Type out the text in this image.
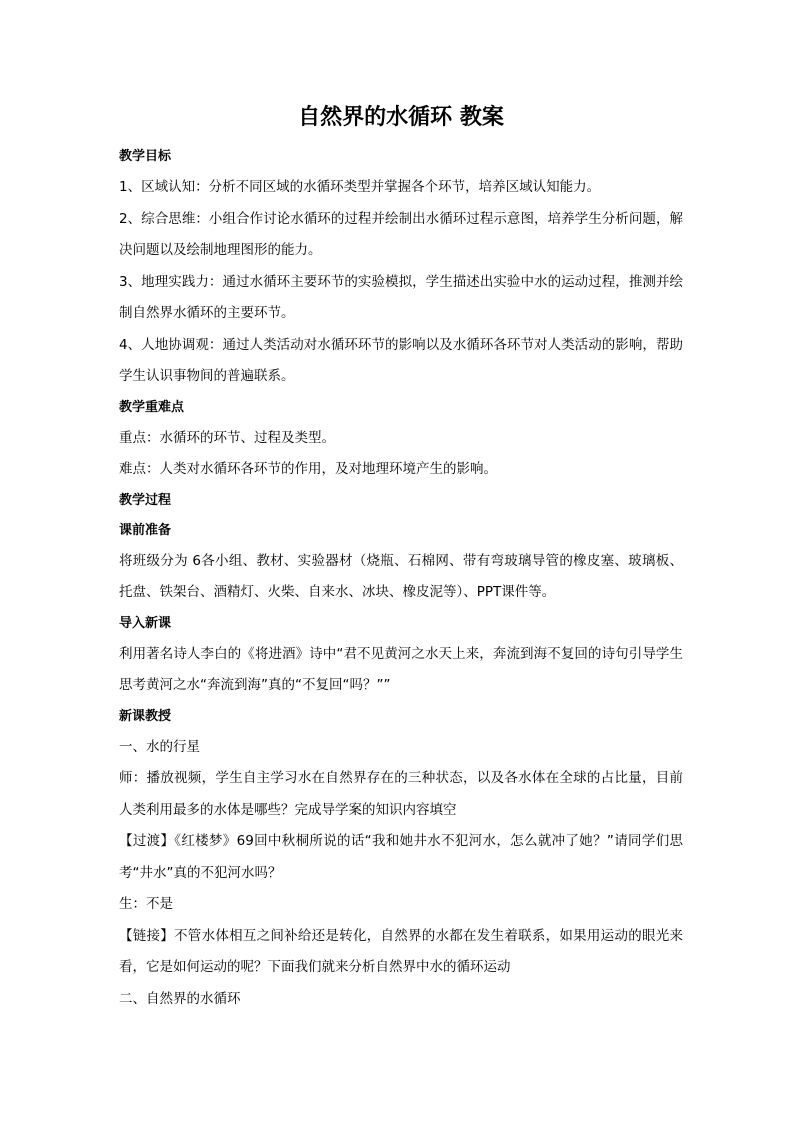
自然界的水循环 教案
教学目标

1、区域认知：分析不同区域的水循环类型并掌握各个环节，培养区域认知能力。

2、综合思维：小组合作讨论水循环的过程并绘制出水循环过程示意图，培养学生分析问题，解决问题以及绘制地理图形的能力。

3、地理实践力：通过水循环主要环节的实验模拟，学生描述出实验中水的运动过程，推测并绘制自然界水循环的主要环节。

4、人地协调观：通过人类活动对水循环环节的影响以及水循环各环节对人类活动的影响，帮助学生认识事物间的普遍联系。

教学重难点

重点：水循环的环节、过程及类型。

难点：人类对水循环各环节的作用，及对地理环境产生的影响。

教学过程
课前准备

将班级分为 6各小组、教材、实验器材（烧瓶、石棉网、带有弯玻璃导管的橡皮塞、玻璃板、托盘、铁架台、酒精灯、火柴、自来水、冰块、橡皮泥等）、PPT课件等。

导入新课

利用著名诗人李白的《将进酒》诗中“君不见黄河之水天上来，奔流到海不复回的诗句引导学生思考黄河之水“奔流到海”真的“不复回“吗？””

新课教授

一、水的行星

师：播放视频，学生自主学习水在自然界存在的三种状态，以及各水体在全球的占比量，目前人类利用最多的水体是哪些？完成导学案的知识内容填空

【过渡】《红楼梦》69回中秋桐所说的话“我和她井水不犯河水，怎么就冲了她？”请同学们思考“井水”真的不犯河水吗？

生：不是

【链接】不管水体相互之间补给还是转化，自然界的水都在发生着联系，如果用运动的眼光来看，它是如何运动的呢？下面我们就来分析自然界中水的循环运动

二、自然界的水循环
